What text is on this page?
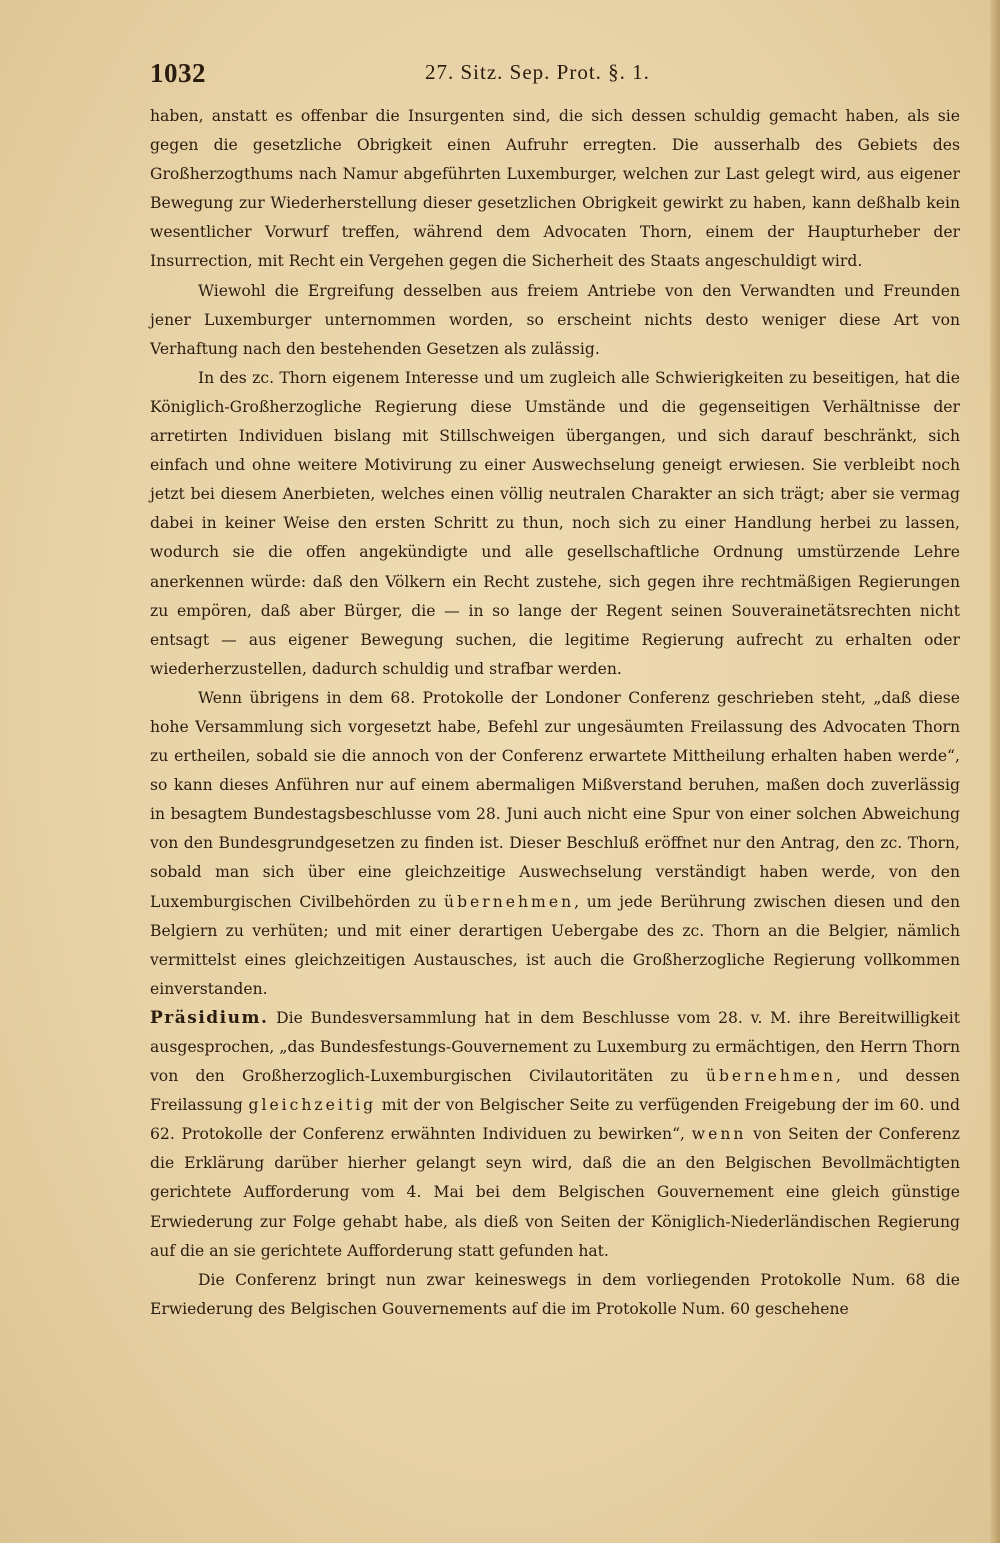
1032	27. Sitz. Sep. Prot. §. 1.

haben, anstatt es offenbar die Insurgenten sind, die sich dessen schuldig gemacht haben, als sie gegen die gesetzliche Obrigkeit einen Aufruhr erregten. Die ausserhalb des Gebiets des Großherzogthums nach Namur abgeführten Luxemburger, welchen zur Last gelegt wird, aus eigener Bewegung zur Wiederherstellung dieser gesetzlichen Obrigkeit gewirkt zu haben, kann deßhalb kein wesentlicher Vorwurf treffen, während dem Advocaten Thorn, einem der Haupturheber der Insurrection, mit Recht ein Vergehen gegen die Sicherheit des Staats angeschuldigt wird.

Wiewohl die Ergreifung desselben aus freiem Antriebe von den Verwandten und Freunden jener Luxemburger unternommen worden, so erscheint nichts desto weniger diese Art von Verhaftung nach den bestehenden Gesetzen als zulässig.

In des zc. Thorn eigenem Interesse und um zugleich alle Schwierigkeiten zu beseitigen, hat die Königlich-Großherzogliche Regierung diese Umstände und die gegenseitigen Verhältnisse der arretirten Individuen bislang mit Stillschweigen übergangen, und sich darauf beschränkt, sich einfach und ohne weitere Motivirung zu einer Auswechselung geneigt erwiesen. Sie verbleibt noch jetzt bei diesem Anerbieten, welches einen völlig neutralen Charakter an sich trägt; aber sie vermag dabei in keiner Weise den ersten Schritt zu thun, noch sich zu einer Handlung herbei zu lassen, wodurch sie die offen angekündigte und alle gesellschaftliche Ordnung umstürzende Lehre anerkennen würde: daß den Völkern ein Recht zustehe, sich gegen ihre rechtmäßigen Regierungen zu empören, daß aber Bürger, die — in so lange der Regent seinen Souverainetätsrechten nicht entsagt — aus eigener Bewegung suchen, die legitime Regierung aufrecht zu erhalten oder wiederherzustellen, dadurch schuldig und strafbar werden.

Wenn übrigens in dem 68. Protokolle der Londoner Conferenz geschrieben steht, „daß diese hohe Versammlung sich vorgesetzt habe, Befehl zur ungesäumten Freilassung des Advocaten Thorn zu ertheilen, sobald sie die annoch von der Conferenz erwartete Mittheilung erhalten haben werde“, so kann dieses Anführen nur auf einem abermaligen Mißverstand beruhen, maßen doch zuverlässig in besagtem Bundestagsbeschlusse vom 28. Juni auch nicht eine Spur von einer solchen Abweichung von den Bundesgrundgesetzen zu finden ist. Dieser Beschluß eröffnet nur den Antrag, den zc. Thorn, sobald man sich über eine gleichzeitige Auswechselung verständigt haben werde, von den Luxemburgischen Civilbehörden zu übernehmen, um jede Berührung zwischen diesen und den Belgiern zu verhüten; und mit einer derartigen Uebergabe des zc. Thorn an die Belgier, nämlich vermittelst eines gleichzeitigen Austausches, ist auch die Großherzogliche Regierung vollkommen einverstanden.

Präsidium. Die Bundesversammlung hat in dem Beschlusse vom 28. v. M. ihre Bereitwilligkeit ausgesprochen, „das Bundesfestungs-Gouvernement zu Luxemburg zu ermächtigen, den Herrn Thorn von den Großherzoglich-Luxemburgischen Civilautoritäten zu übernehmen, und dessen Freilassung gleichzeitig mit der von Belgischer Seite zu verfügenden Freigebung der im 60. und 62. Protokolle der Conferenz erwähnten Individuen zu bewirken“, wenn von Seiten der Conferenz die Erklärung darüber hierher gelangt seyn wird, daß die an den Belgischen Bevollmächtigten gerichtete Aufforderung vom 4. Mai bei dem Belgischen Gouvernement eine gleich günstige Erwiederung zur Folge gehabt habe, als dieß von Seiten der Königlich-Niederländischen Regierung auf die an sie gerichtete Aufforderung statt gefunden hat.

Die Conferenz bringt nun zwar keineswegs in dem vorliegenden Protokolle Num. 68 die Erwiederung des Belgischen Gouvernements auf die im Protokolle Num. 60 geschehene
